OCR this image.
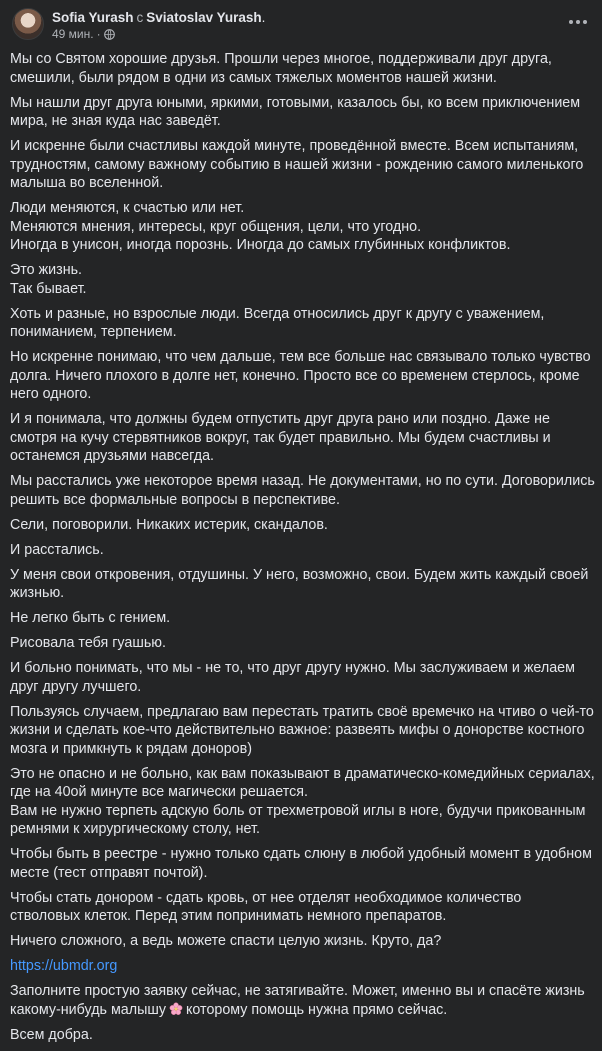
Sofia Yurash с Sviatoslav Yurash.
49 мин. ·

Мы со Святом хорошие друзья. Прошли через многое, поддерживали друг друга, смешили, были рядом в одни из самых тяжелых моментов нашей жизни.

Мы нашли друг друга юными, яркими, готовыми, казалось бы, ко всем приключением мира, не зная куда нас заведёт.

И искренне были счастливы каждой минуте, проведённой вместе. Всем испытаниям, трудностям, самому важному событию в нашей жизни - рождению самого миленького малыша во вселенной.

Люди меняются, к счастью или нет.
Меняются мнения, интересы, круг общения, цели, что угодно.
Иногда в унисон, иногда порознь. Иногда до самых глубинных конфликтов.

Это жизнь.
Так бывает.

Хоть и разные, но взрослые люди. Всегда относились друг к другу с уважением, пониманием, терпением.

Но искренне понимаю, что чем дальше, тем все больше нас связывало только чувство долга. Ничего плохого в долге нет, конечно. Просто все со временем стерлось, кроме него одного.

И я понимала, что должны будем отпустить друг друга рано или поздно. Даже не смотря на кучу стервятников вокруг, так будет правильно. Мы будем счастливы и останемся друзьями навсегда.

Мы расстались уже некоторое время назад. Не документами, но по сути. Договорились решить все формальные вопросы в перспективе.

Сели, поговорили. Никаких истерик, скандалов.

И расстались.

У меня свои откровения, отдушины. У него, возможно, свои. Будем жить каждый своей жизнью.

Не легко быть с гением.

Рисовала тебя гуашью.

И больно понимать, что мы - не то, что друг другу нужно. Мы заслуживаем и желаем друг другу лучшего.

Пользуясь случаем, предлагаю вам перестать тратить своё времечко на чтиво о чей-то жизни и сделать кое-что действительно важное: развеять мифы о донорстве костного мозга и примкнуть к рядам доноров)

Это не опасно и не больно, как вам показывают в драматическо-комедийных сериалах, где на 40ой минуте все магически решается.
Вам не нужно терпеть адскую боль от трехметровой иглы в ноге, будучи прикованным ремнями к хирургическому столу, нет.

Чтобы быть в реестре - нужно только сдать слюну в любой удобный момент в удобном месте (тест отправят почтой).

Чтобы стать донором - сдать кровь, от нее отделят необходимое количество стволовых клеток. Перед этим попринимать немного препаратов.

Ничего сложного, а ведь можете спасти целую жизнь. Круто, да?

https://ubmdr.org

Заполните простую заявку сейчас, не затягивайте. Может, именно вы и спасёте жизнь какому-нибудь малышу которому помощь нужна прямо сейчас.

Всем добра.
